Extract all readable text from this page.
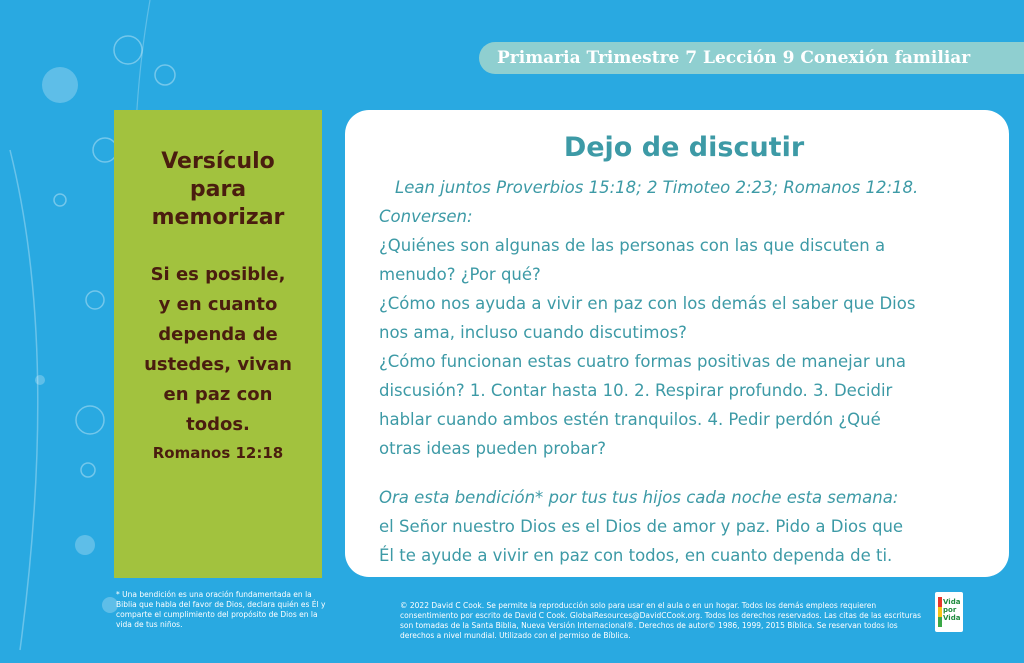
Primaria Trimestre 7 Lección 9 Conexión familiar
Versículo
para
memorizar
Si es posible,
y en cuanto
dependa de
ustedes, vivan
en paz con
todos.
Romanos 12:18
Dejo de discutir

Lean juntos Proverbios 15:18; 2 Timoteo 2:23; Romanos 12:18.

Conversen:

¿Quiénes son algunas de las personas con las que discuten a
menudo? ¿Por qué?

¿Cómo nos ayuda a vivir en paz con los demás el saber que Dios
nos ama, incluso cuando discutimos?

¿Cómo funcionan estas cuatro formas positivas de manejar una
discusión? 1. Contar hasta 10. 2. Respirar profundo. 3. Decidir
hablar cuando ambos estén tranquilos. 4. Pedir perdón ¿Qué
otras ideas pueden probar?

Ora esta bendición* por tus tus hijos cada noche esta semana:

el Señor nuestro Dios es el Dios de amor y paz. Pido a Dios que
Él te ayude a vivir en paz con todos, en cuanto dependa de ti.

* Una bendición es una oración fundamentada en la Biblia que habla del favor de Dios, declara quién es Él y comparte el cumplimiento del propósito de Dios en la vida de tus niños.
© 2022 David C Cook. Se permite la reproducción solo para usar en el aula o en un hogar. Todos los demás empleos requieren consentimiento por escrito de David C Cook. GlobalResources@DavidCCook.org. Todos los derechos reservados. Las citas de las escrituras son tomadas de la Santa Biblia, Nueva Versión Internacional®. Derechos de autor© 1986, 1999, 2015 Bíblica. Se reservan todos los derechos a nivel mundial. Utilizado con el permiso de Bíblica.
Vida
por
Vida
